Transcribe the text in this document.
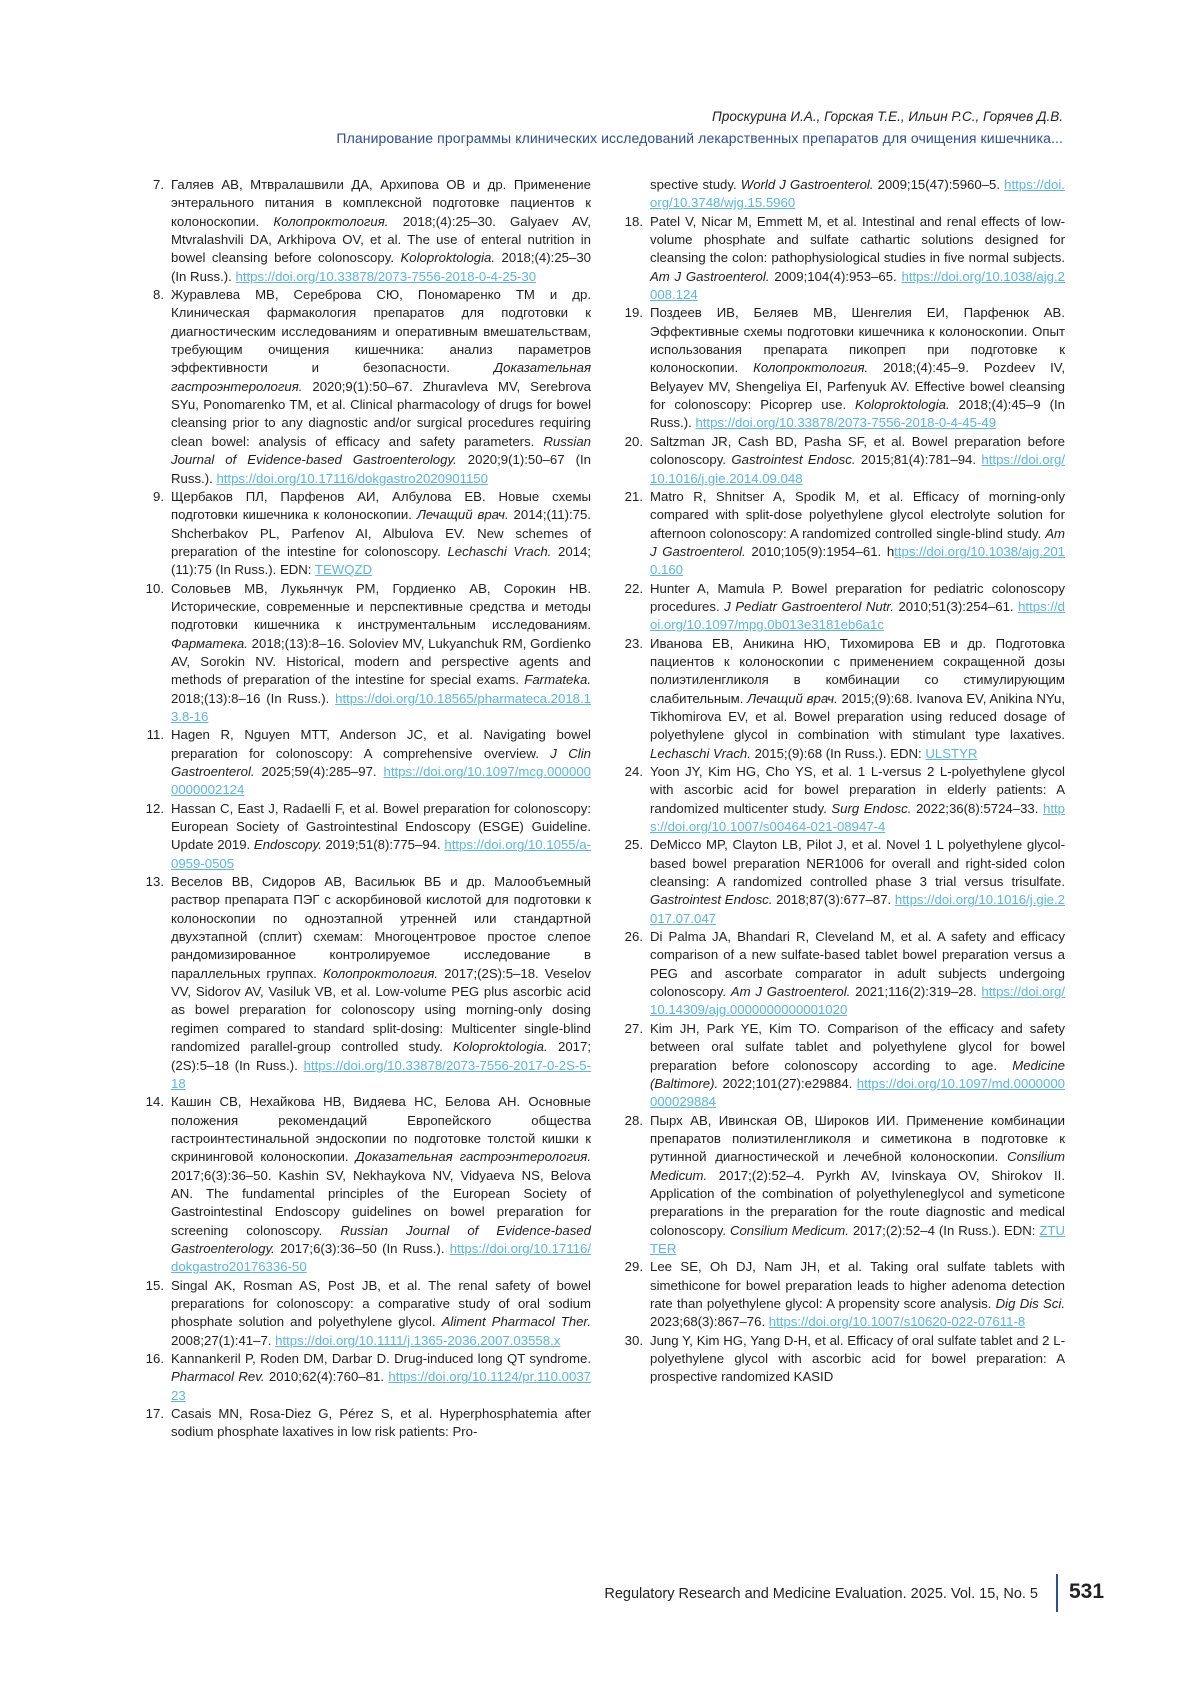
Проскурина И.А., Горская Т.Е., Ильин Р.С., Горячев Д.В.
Планирование программы клинических исследований лекарственных препаратов для очищения кишечника...
7. Галяев АВ, Мтвралашвили ДА, Архипова ОВ и др. Применение энтерального питания в комплексной подготовке пациентов к колоноскопии. Колопроктология. 2018;(4):25–30. Galyaev AV, Mtvralashvili DA, Arkhipova OV, et al. The use of enteral nutrition in bowel cleansing before colonoscopy. Koloproktologia. 2018;(4):25–30 (In Russ.). https://doi.org/10.33878/2073-7556-2018-0-4-25-30
8. Журавлева МВ, Сереброва СЮ, Пономаренко ТМ и др. Клиническая фармакология препаратов для подготовки к диагностическим исследованиям и оперативным вмешательствам, требующим очищения кишечника: анализ параметров эффективности и безопасности. Доказательная гастроэнтерология. 2020;9(1):50–67. Zhuravleva MV, Serebrova SYu, Ponomarenko TM, et al. Clinical pharmacology of drugs for bowel cleansing prior to any diagnostic and/or surgical procedures requiring clean bowel: analysis of efficacy and safety parameters. Russian Journal of Evidence-based Gastroenterology. 2020;9(1):50–67 (In Russ.). https://doi.org/10.17116/dokgastro2020901150
9. Щербаков ПЛ, Парфенов АИ, Албулова ЕВ. Новые схемы подготовки кишечника к колоноскопии. Лечащий врач. 2014;(11):75. Shcherbakov PL, Parfenov AI, Albulova EV. New schemes of preparation of the intestine for colonoscopy. Lechaschi Vrach. 2014;(11):75 (In Russ.). EDN: TEWQZD
10. Соловьев МВ, Лукьянчук РМ, Гордиенко АВ, Сорокин НВ. Исторические, современные и перспективные средства и методы подготовки кишечника к инструментальным исследованиям. Фарматека. 2018;(13):8–16. Soloviev MV, Lukyanchuk RM, Gordienko AV, Sorokin NV. Historical, modern and perspective agents and methods of preparation of the intestine for special exams. Farmateka. 2018;(13):8–16 (In Russ.). https://doi.org/10.18565/pharmateca.2018.13.8-16
11. Hagen R, Nguyen MTT, Anderson JC, et al. Navigating bowel preparation for colonoscopy: A comprehensive overview. J Clin Gastroenterol. 2025;59(4):285–97. https://doi.org/10.1097/mcg.0000000000002124
12. Hassan C, East J, Radaelli F, et al. Bowel preparation for colonoscopy: European Society of Gastrointestinal Endoscopy (ESGE) Guideline. Update 2019. Endoscopy. 2019;51(8):775–94. https://doi.org/10.1055/a-0959-0505
13. Веселов ВВ, Сидоров АВ, Васильюк ВБ и др. Малообъемный раствор препарата ПЭГ с аскорбиновой кислотой для подготовки к колоноскопии по одноэтапной утренней или стандартной двухэтапной (сплит) схемам: Многоцентровое простое слепое рандомизированное контролируемое исследование в параллельных группах. Колопроктология. 2017;(2S):5–18. Veselov VV, Sidorov AV, Vasiluk VB, et al. Low-volume PEG plus ascorbic acid as bowel preparation for colonoscopy using morning-only dosing regimen compared to standard split-dosing: Multicenter single-blind randomized parallel-group controlled study. Koloproktologia. 2017;(2S):5–18 (In Russ.). https://doi.org/10.33878/2073-7556-2017-0-2S-5-18
14. Кашин СВ, Нехайкова НВ, Видяева НС, Белова АН. Основные положения рекомендаций Европейского общества гастроинтестинальной эндоскопии по подготовке толстой кишки к скрининговой колоноскопии. Доказательная гастроэнтерология. 2017;6(3):36–50. Kashin SV, Nekhaykova NV, Vidyaeva NS, Belova AN. The fundamental principles of the European Society of Gastrointestinal Endoscopy guidelines on bowel preparation for screening colonoscopy. Russian Journal of Evidence-based Gastroenterology. 2017;6(3):36–50 (In Russ.). https://doi.org/10.17116/dokgastro20176336-50
15. Singal AK, Rosman AS, Post JB, et al. The renal safety of bowel preparations for colonoscopy: a comparative study of oral sodium phosphate solution and polyethylene glycol. Aliment Pharmacol Ther. 2008;27(1):41–7. https://doi.org/10.1111/j.1365-2036.2007.03558.x
16. Kannankeril P, Roden DM, Darbar D. Drug-induced long QT syndrome. Pharmacol Rev. 2010;62(4):760–81. https://doi.org/10.1124/pr.110.003723
17. Casais MN, Rosa-Diez G, Pérez S, et al. Hyperphosphatemia after sodium phosphate laxatives in low risk patients: Pro-
spective study. World J Gastroenterol. 2009;15(47):5960–5. https://doi.org/10.3748/wjg.15.5960
18. Patel V, Nicar M, Emmett M, et al. Intestinal and renal effects of low-volume phosphate and sulfate cathartic solutions designed for cleansing the colon: pathophysiological studies in five normal subjects. Am J Gastroenterol. 2009;104(4):953–65. https://doi.org/10.1038/ajg.2008.124
19. Поздеев ИВ, Беляев МВ, Шенгелия ЕИ, Парфенюк АВ. Эффективные схемы подготовки кишечника к колоноскопии. Опыт использования препарата пикопреп при подготовке к колоноскопии. Колопроктология. 2018;(4):45–9. Pozdeev IV, Belyayev MV, Shengeliya EI, Parfenyuk AV. Effective bowel cleansing for colonoscopy: Picoprep use. Koloproktologia. 2018;(4):45–9 (In Russ.). https://doi.org/10.33878/2073-7556-2018-0-4-45-49
20. Saltzman JR, Cash BD, Pasha SF, et al. Bowel preparation before colonoscopy. Gastrointest Endosc. 2015;81(4):781–94. https://doi.org/10.1016/j.gie.2014.09.048
21. Matro R, Shnitser A, Spodik M, et al. Efficacy of morning-only compared with split-dose polyethylene glycol electrolyte solution for afternoon colonoscopy: A randomized controlled single-blind study. Am J Gastroenterol. 2010;105(9):1954–61. https://doi.org/10.1038/ajg.2010.160
22. Hunter A, Mamula P. Bowel preparation for pediatric colonoscopy procedures. J Pediatr Gastroenterol Nutr. 2010;51(3):254–61. https://doi.org/10.1097/mpg.0b013e3181eb6a1c
23. Иванова ЕВ, Аникина НЮ, Тихомирова ЕВ и др. Подготовка пациентов к колоноскопии с применением сокращенной дозы полиэтиленгликоля в комбинации со стимулирующим слабительным. Лечащий врач. 2015;(9):68. Ivanova EV, Anikina NYu, Tikhomirova EV, et al. Bowel preparation using reduced dosage of polyethylene glycol in combination with stimulant type laxatives. Lechaschi Vrach. 2015;(9):68 (In Russ.). EDN: ULSTYR
24. Yoon JY, Kim HG, Cho YS, et al. 1 L-versus 2 L-polyethylene glycol with ascorbic acid for bowel preparation in elderly patients: A randomized multicenter study. Surg Endosc. 2022;36(8):5724–33. https://doi.org/10.1007/s00464-021-08947-4
25. DeMicco MP, Clayton LB, Pilot J, et al. Novel 1 L polyethylene glycol-based bowel preparation NER1006 for overall and right-sided colon cleansing: A randomized controlled phase 3 trial versus trisulfate. Gastrointest Endosc. 2018;87(3):677–87. https://doi.org/10.1016/j.gie.2017.07.047
26. Di Palma JA, Bhandari R, Cleveland M, et al. A safety and efficacy comparison of a new sulfate-based tablet bowel preparation versus a PEG and ascorbate comparator in adult subjects undergoing colonoscopy. Am J Gastroenterol. 2021;116(2):319–28. https://doi.org/10.14309/ajg.0000000000001020
27. Kim JH, Park YE, Kim TO. Comparison of the efficacy and safety between oral sulfate tablet and polyethylene glycol for bowel preparation before colonoscopy according to age. Medicine (Baltimore). 2022;101(27):e29884. https://doi.org/10.1097/md.0000000000029884
28. Пырх АВ, Ивинская ОВ, Широков ИИ. Применение комбинации препаратов полиэтиленгликоля и симетикона в подготовке к рутинной диагностической и лечебной колоноскопии. Consilium Medicum. 2017;(2):52–4. Pyrkh AV, Ivinskaya OV, Shirokov II. Application of the combination of polyethyleneglycol and symeticone preparations in the preparation for the route diagnostic and medical colonoscopy. Consilium Medicum. 2017;(2):52–4 (In Russ.). EDN: ZTUTER
29. Lee SE, Oh DJ, Nam JH, et al. Taking oral sulfate tablets with simethicone for bowel preparation leads to higher adenoma detection rate than polyethylene glycol: A propensity score analysis. Dig Dis Sci. 2023;68(3):867–76. https://doi.org/10.1007/s10620-022-07611-8
30. Jung Y, Kim HG, Yang D-H, et al. Efficacy of oral sulfate tablet and 2 L-polyethylene glycol with ascorbic acid for bowel preparation: A prospective randomized KASID
Regulatory Research and Medicine Evaluation. 2025. Vol. 15, No. 5 531
